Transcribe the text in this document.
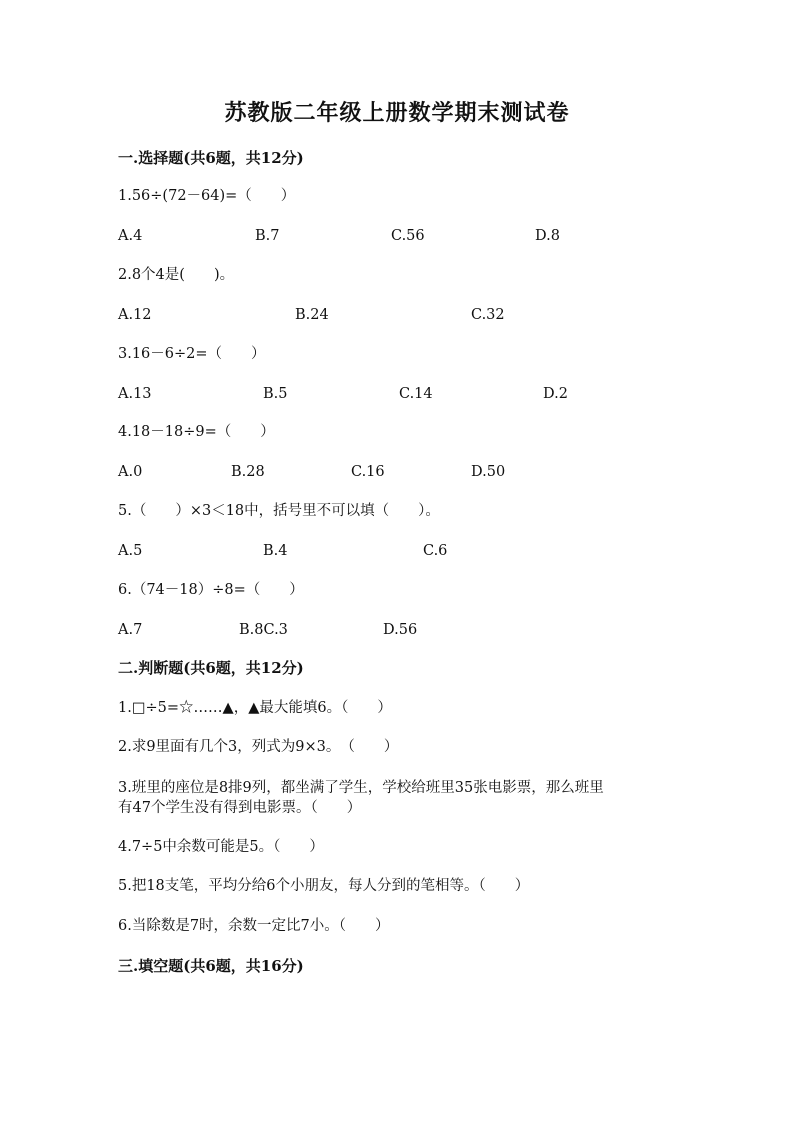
苏教版二年级上册数学期末测试卷
一.选择题(共6题，共12分)
1.56÷(72－64)=（　　）
A.4	B.7	C.56	D.8
2.8个4是(　　)。
A.12	B.24	C.32
3.16－6÷2=（　　）
A.13	B.5	C.14	D.2
4.18－18÷9=（　　）
A.0	B.28	C.16	D.50
5.（　　）×3＜18中，括号里不可以填（　　）。
A.5	B.4	C.6
6.（74－18）÷8=（　　）
A.7	B.8C.3	D.56
二.判断题(共6题，共12分)
1.□÷5=☆……▲，▲最大能填6。（　　）
2.求9里面有几个3，列式为9×3。　（　　）
3.班里的座位是8排9列，都坐满了学生，学校给班里35张电影票，那么班里
有47个学生没有得到电影票。（　　）
4.7÷5中余数可能是5。（　　）
5.把18支笔，平均分给6个小朋友，每人分到的笔相等。（　　）
6.当除数是7时，余数一定比7小。（　　）
三.填空题(共6题，共16分)
